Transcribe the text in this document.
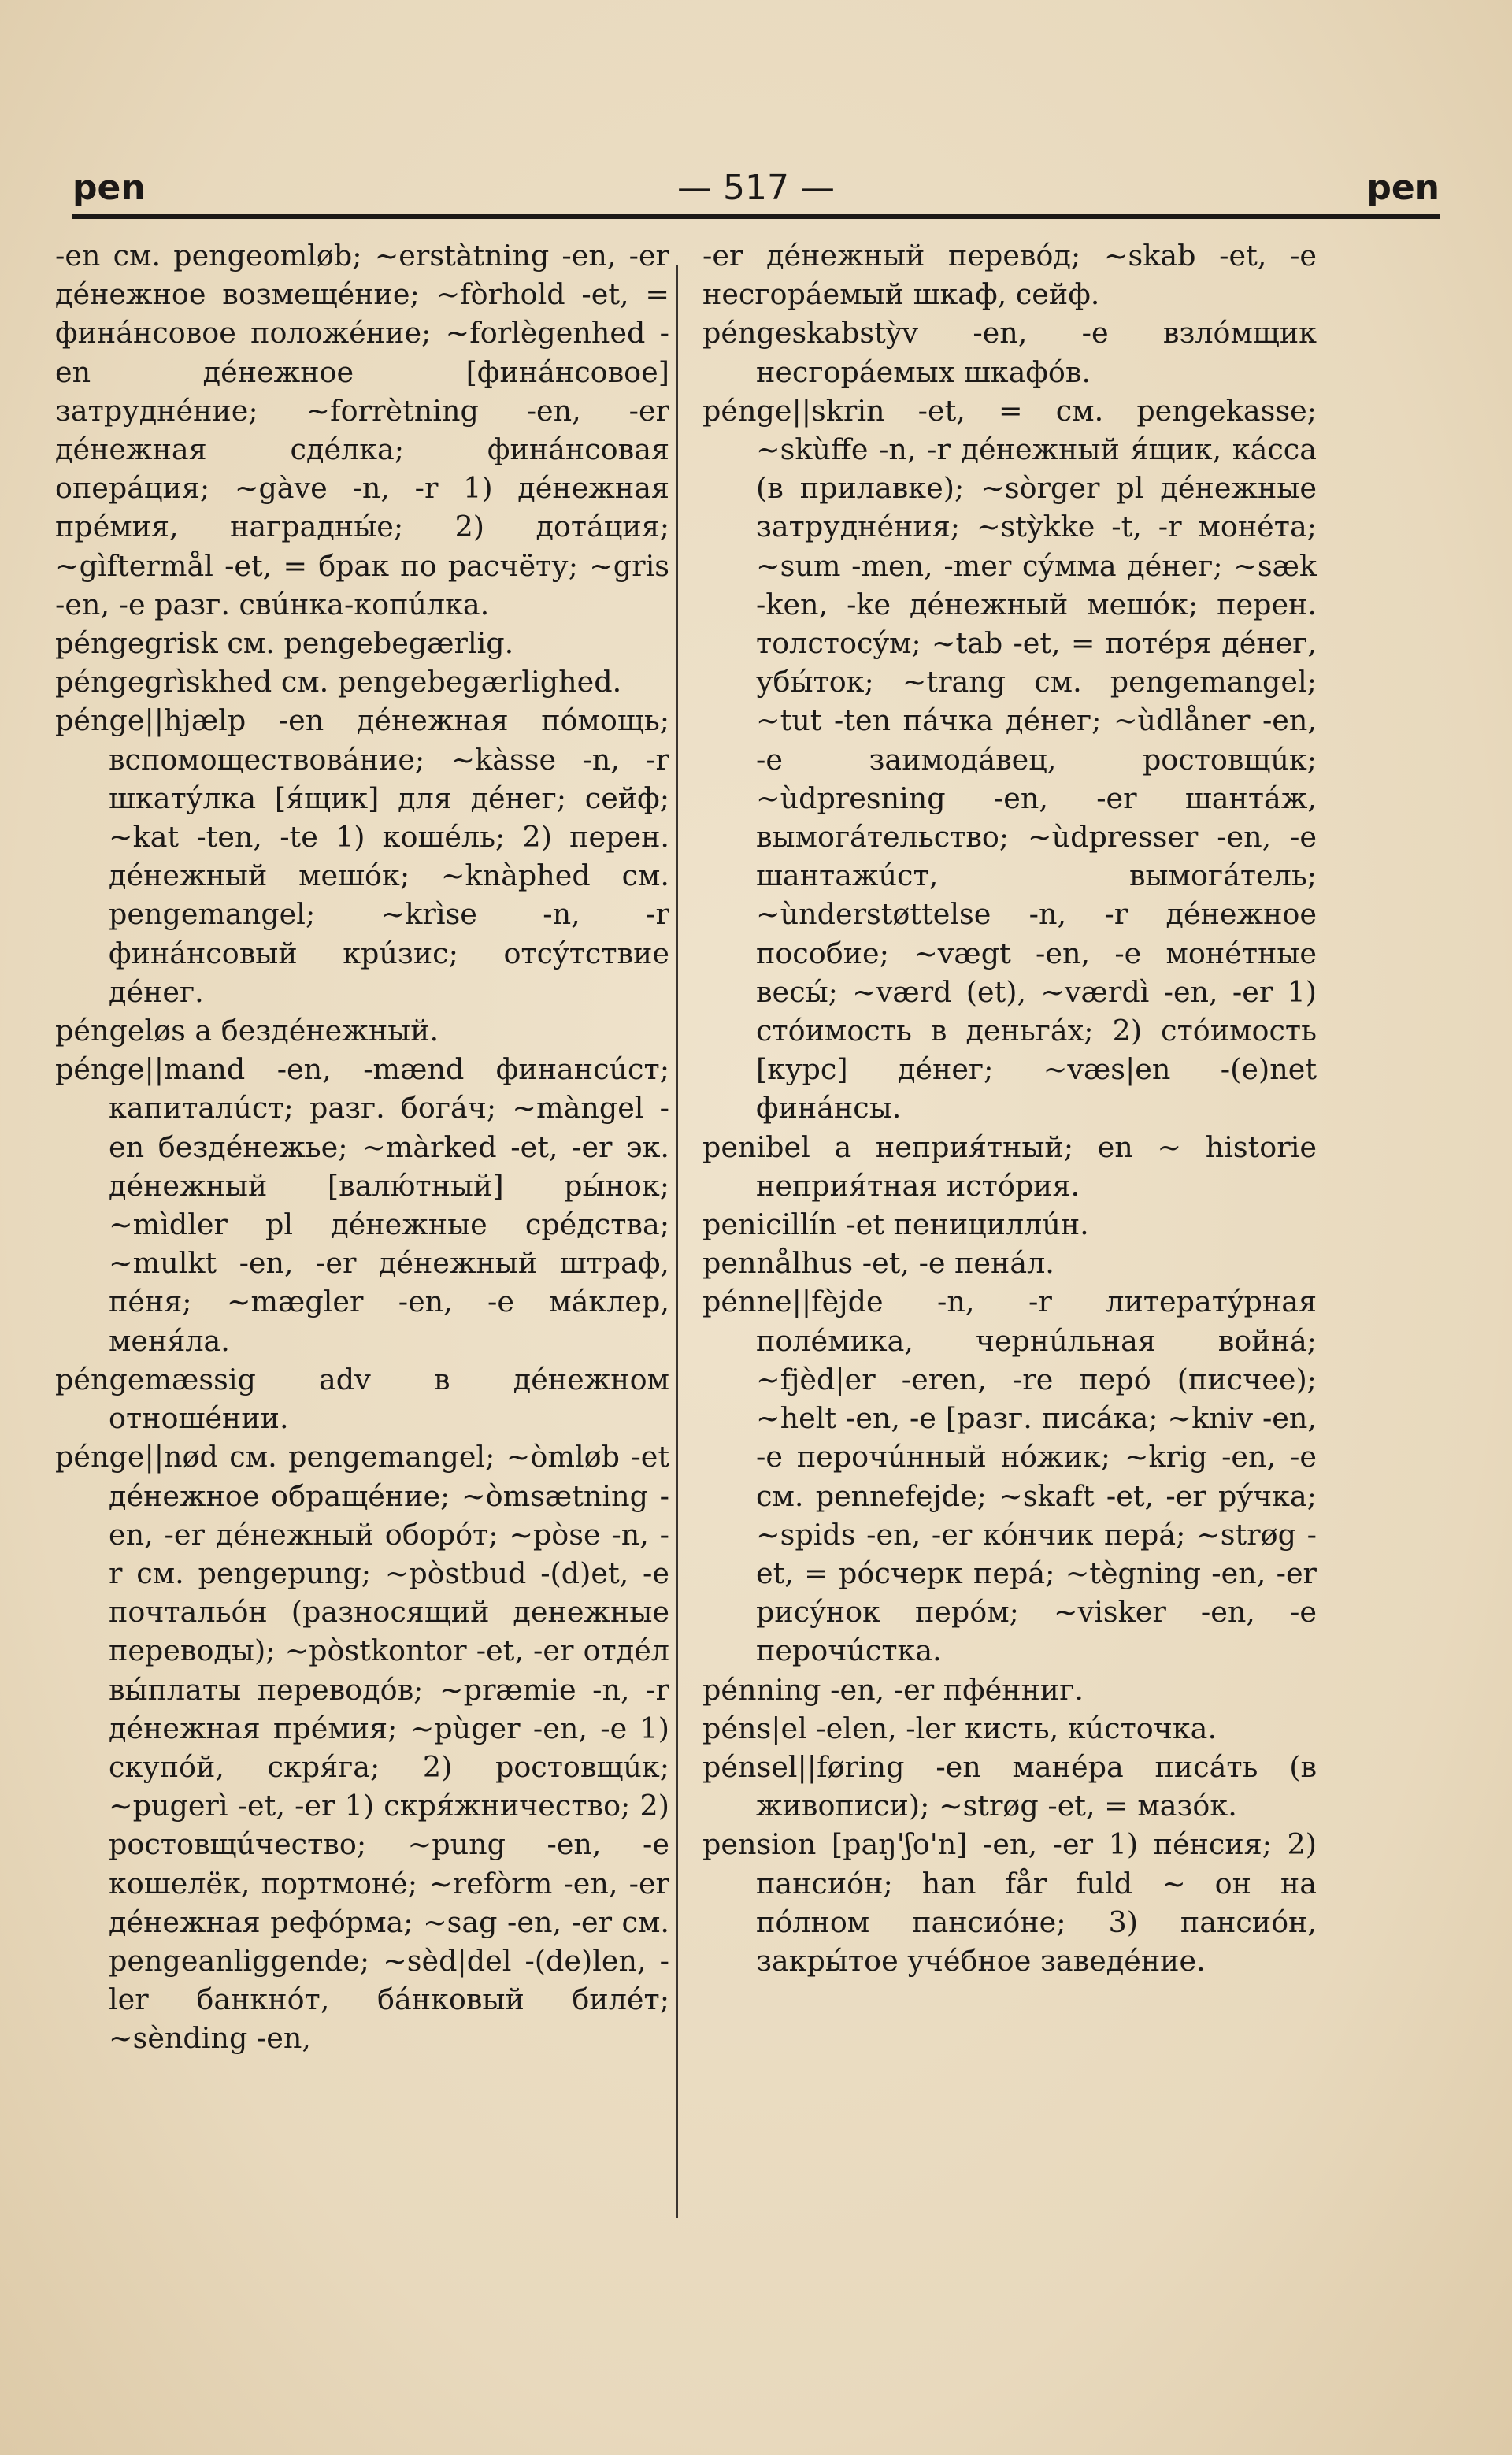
pen	— 517 —	pen

-en см. pengeomløb; ~erstàtning -en, -er дéнежное возмещéние; ~fòrhold -et, = финáнсовое положéние; ~forlègenhed -en дéнежное [финáнсовое] затруднéние; ~forrètning -en, -er дéнежная сдéлка; финáнсовая оперáция; ~gàve -n, -r 1) дéнежная прéмия, наградны́е; 2) дотáция; ~gìftermål -et, = брак по расчёту; ~gris -en, -e разг. свúнка-копúлка.

péngegrisk см. pengebegærlig.

péngegrìskhed см. pengebegærlighed.

pénge||hjælp -en дéнежная пóмощь; вспомоществовáние; ~kàsse -n, -r шкатýлка [я́щик] для дéнег; сейф; ~kat -ten, -te 1) кошéль; 2) перен. дéнежный мешóк; ~knàphed см. pengemangel; ~krìse -n, -r финáнсовый крúзис; отсýтствие дéнег.

péngeløs a бездéнежный.

pénge||mand -en, -mænd финансúст; капиталúст; разг. богáч; ~màngel -en бездéнежье; ~màrked -et, -er эк. дéнежный [валю́тный] ры́нок; ~mìdler pl дéнежные срéдства; ~mulkt -en, -er дéнежный штраф, пéня; ~mægler -en, -e мáклер, меня́ла.

péngemæssig adv в дéнежном отношéнии.

pénge||nød см. pengemangel; ~òmløb -et дéнежное обращéние; ~òmsætning -en, -er дéнежный оборóт; ~pòse -n, -r см. pengepung; ~pòstbud -(d)et, -e почтальóн (разносящий денежные переводы); ~pòstkontor -et, -er отдéл вы́платы переводóв; ~præmie -n, -r дéнежная прéмия; ~pùger -en, -e 1) скупóй, скря́га; 2) ростовщúк; ~pugerì -et, -er 1) скря́жничество; 2) ростовщúчество; ~pung -en, -e кошелёк, портмонé; ~refòrm -en, -er дéнежная рефóрма; ~sag -en, -er см. pengeanliggende; ~sèd|del -(de)len, -ler банкнóт, бáнковый билéт; ~sènding -en,

-er дéнежный перевóд; ~skab -et, -e несгорáемый шкаф, сейф.

péngeskabstỳv -en, -e взлóмщик несгорáемых шкафóв.

pénge||skrin -et, = см. pengekasse; ~skùffe -n, -r дéнежный я́щик, кáсса (в прилавке); ~sòrger pl дéнежные затруднéния; ~stỳkke -t, -r монéта; ~sum -men, -mer сýмма дéнег; ~sæk -ken, -ke дéнежный мешóк; перен. толстосýм; ~tab -et, = потéря дéнег, убы́ток; ~trang см. pengemangel; ~tut -ten пáчка дéнег; ~ùdlåner -en, -e заимодáвец, ростовщúк; ~ùdpresning -en, -er шантáж, вымогáтельство; ~ùdpresser -en, -e шантажúст, вымогáтель; ~ùnderstøttelse -n, -r дéнежное пособие; ~vægt -en, -e монéтные весы́; ~værd (et), ~værdì -en, -er 1) стóимость в деньгáх; 2) стóимость [курс] дéнег; ~væs|en -(e)net финáнсы.

penibel a неприя́тный; en ~ historie неприя́тная истóрия.

penicillín -et пенициллúн.

pennålhus -et, -e пенáл.

pénne||fèjde -n, -r литератýрная полéмика, чернúльная войнá; ~fjèd|er -eren, -re перó (писчее); ~helt -en, -e [разг. писáка; ~kniv -en, -e перочúнный нóжик; ~krig -en, -e см. pennefejde; ~skaft -et, -er рýчка; ~spids -en, -er кóнчик перá; ~strøg -et, = рóсчерк перá; ~tègning -en, -er рисýнок перóм; ~visker -en, -e перочúстка.

pénning -en, -er пфéнниг.

péns|el -elen, -ler кисть, кúсточка.

pénsel||føring -en манéра писáть (в живописи); ~strøg -et, = мазóк.

pension [paŋ'ʃo'n] -en, -er 1) пéнсия; 2) пансиóн; han får fuld ~ он на пóлном пансиóне; 3) пансиóн, закры́тое учéбное заведéние.
